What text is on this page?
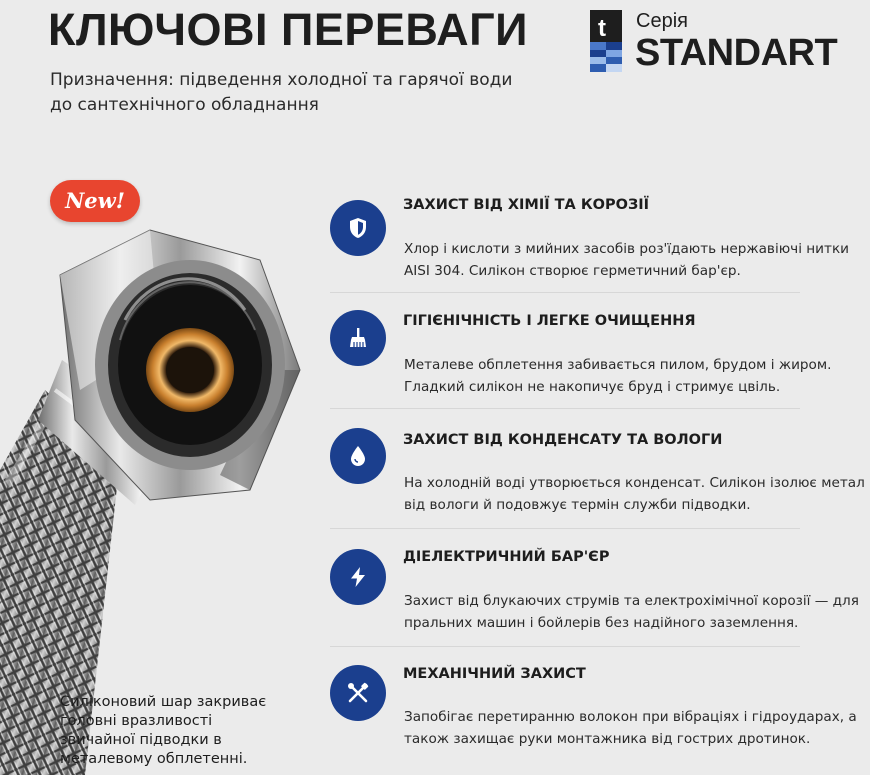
КЛЮЧОВІ ПЕРЕВАГИ

Призначення: підведення холодної та гарячої води до сантехнічного обладнання

t Серія
STANDART
New!

Силіконовий шар закриває головні вразливості звичайної підводки в металевому обплетенні.

ЗАХИСТ ВІД ХІМІЇ ТА КОРОЗІЇ

Хлор і кислоти з мийних засобів роз'їдають нержавіючі нитки AISI 304. Силікон створює герметичний бар'єр.

ГІГІЄНІЧНІСТЬ І ЛЕГКЕ ОЧИЩЕННЯ

Металеве обплетення забивається пилом, брудом і жиром. Гладкий силікон не накопичує бруд і стримує цвіль.

ЗАХИСТ ВІД КОНДЕНСАТУ ТА ВОЛОГИ

На холодній воді утворюється конденсат. Силікон ізолює метал від вологи й подовжує термін служби підводки.

ДІЕЛЕКТРИЧНИЙ БАР'ЄР

Захист від блукаючих струмів та електрохімічної корозії — для пральних машин і бойлерів без надійного заземлення.

МЕХАНІЧНИЙ ЗАХИСТ

Запобігає перетиранню волокон при вібраціях і гідроударах, а також захищає руки монтажника від гострих дротинок.
